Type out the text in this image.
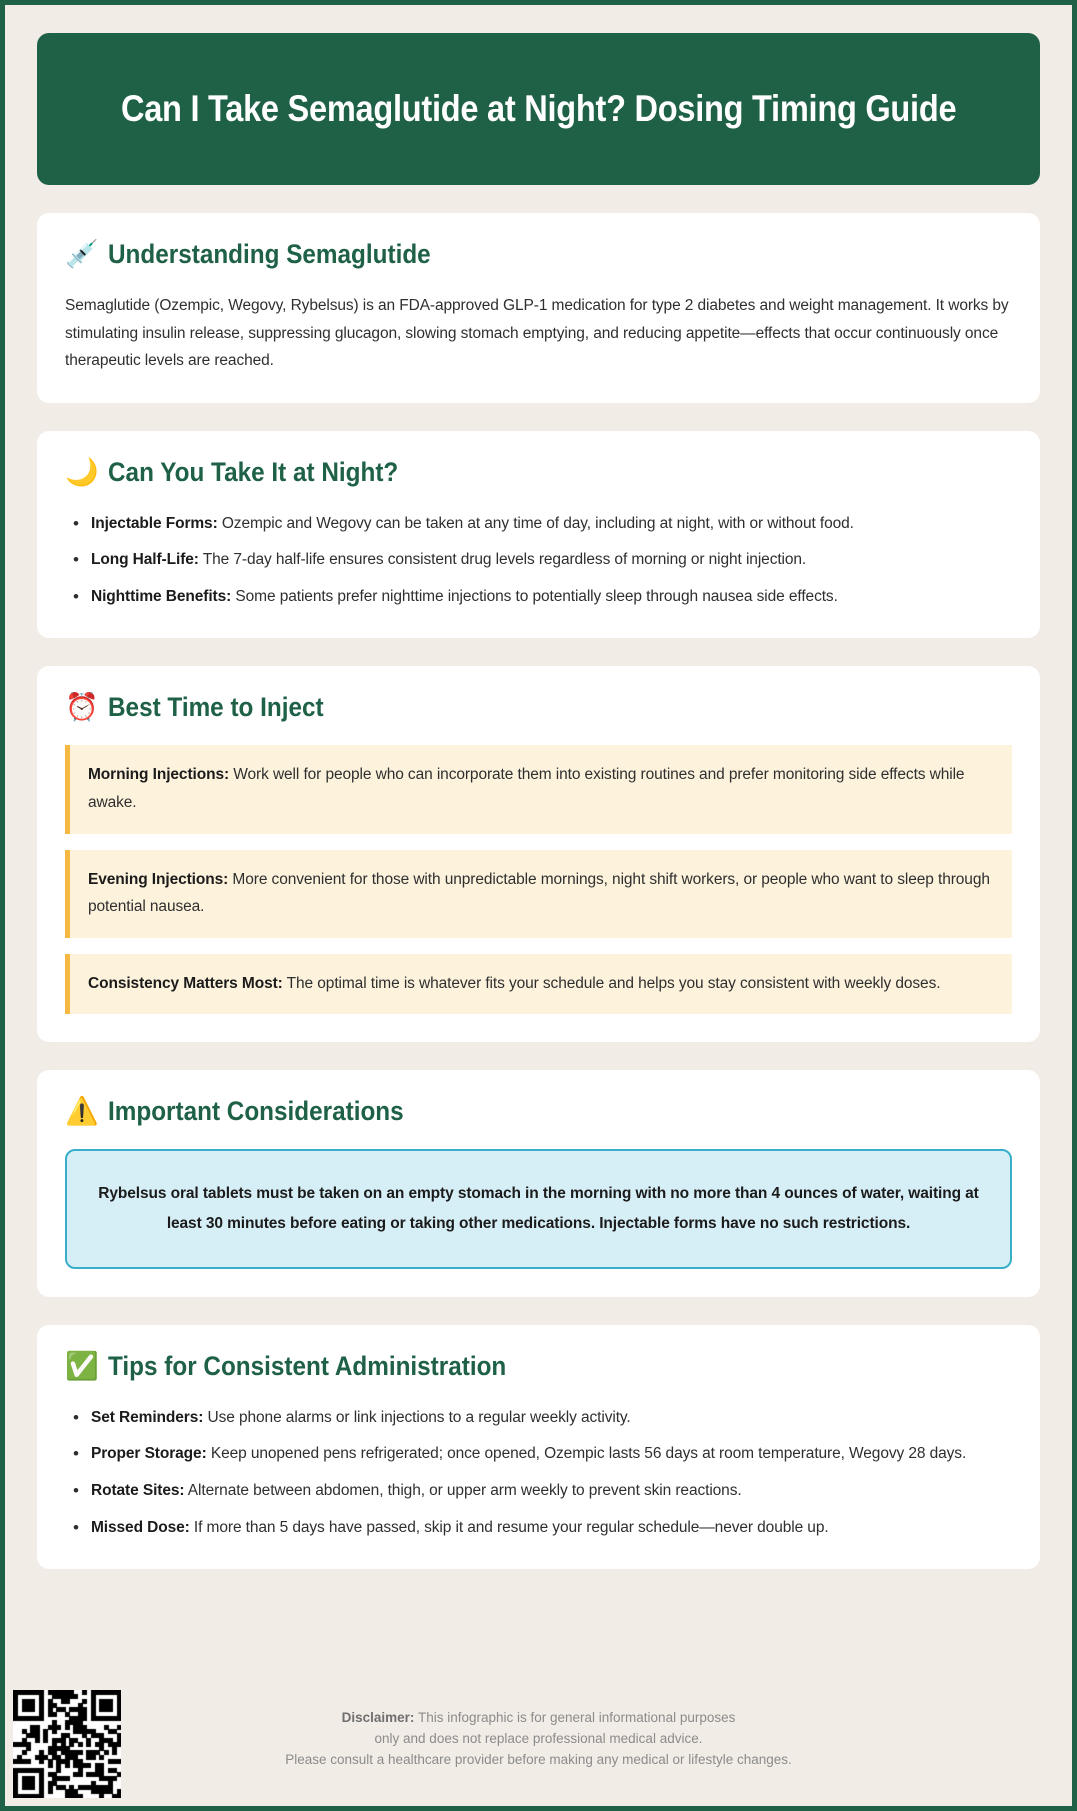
Can I Take Semaglutide at Night? Dosing Timing Guide
💉 Understanding Semaglutide

Semaglutide (Ozempic, Wegovy, Rybelsus) is an FDA-approved GLP-1 medication for type 2 diabetes and weight management. It works by stimulating insulin release, suppressing glucagon, slowing stomach emptying, and reducing appetite—effects that occur continuously once therapeutic levels are reached.

🌙 Can You Take It at Night?
• Injectable Forms: Ozempic and Wegovy can be taken at any time of day, including at night, with or without food.
• Long Half-Life: The 7-day half-life ensures consistent drug levels regardless of morning or night injection.
• Nighttime Benefits: Some patients prefer nighttime injections to potentially sleep through nausea side effects.
⏰ Best Time to Inject
Morning Injections: Work well for people who can incorporate them into existing routines and prefer monitoring side effects while awake.
Evening Injections: More convenient for those with unpredictable mornings, night shift workers, or people who want to sleep through potential nausea.
Consistency Matters Most: The optimal time is whatever fits your schedule and helps you stay consistent with weekly doses.
⚠️ Important Considerations
Rybelsus oral tablets must be taken on an empty stomach in the morning with no more than 4 ounces of water, waiting at least 30 minutes before eating or taking other medications. Injectable forms have no such restrictions.
✅ Tips for Consistent Administration
• Set Reminders: Use phone alarms or link injections to a regular weekly activity.
• Proper Storage: Keep unopened pens refrigerated; once opened, Ozempic lasts 56 days at room temperature, Wegovy 28 days.
• Rotate Sites: Alternate between abdomen, thigh, or upper arm weekly to prevent skin reactions.
• Missed Dose: If more than 5 days have passed, skip it and resume your regular schedule—never double up.
Disclaimer: This infographic is for general informational purposes
only and does not replace professional medical advice.
Please consult a healthcare provider before making any medical or lifestyle changes.
